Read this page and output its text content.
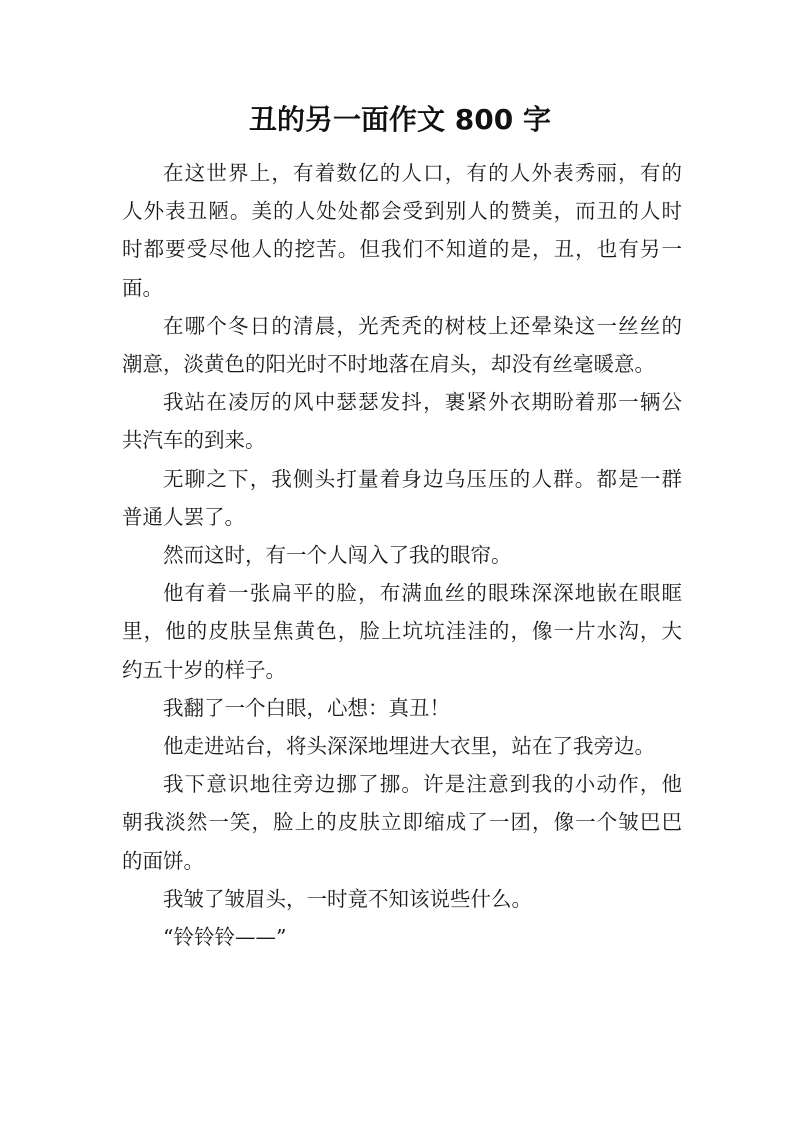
丑的另一面作文 800 字

在这世界上，有着数亿的人口，有的人外表秀丽，有的
人外表丑陋。美的人处处都会受到别人的赞美，而丑的人时
时都要受尽他人的挖苦。但我们不知道的是，丑，也有另一
面。

在哪个冬日的清晨，光秃秃的树枝上还晕染这一丝丝的
潮意，淡黄色的阳光时不时地落在肩头，却没有丝毫暖意。

我站在凌厉的风中瑟瑟发抖，裹紧外衣期盼着那一辆公
共汽车的到来。

无聊之下，我侧头打量着身边乌压压的人群。都是一群
普通人罢了。

然而这时，有一个人闯入了我的眼帘。

他有着一张扁平的脸，布满血丝的眼珠深深地嵌在眼眶
里，他的皮肤呈焦黄色，脸上坑坑洼洼的，像一片水沟，大
约五十岁的样子。

我翻了一个白眼，心想：真丑！

他走进站台，将头深深地埋进大衣里，站在了我旁边。

我下意识地往旁边挪了挪。许是注意到我的小动作，他
朝我淡然一笑，脸上的皮肤立即缩成了一团，像一个皱巴巴
的面饼。

我皱了皱眉头，一时竟不知该说些什么。

“铃铃铃——”
